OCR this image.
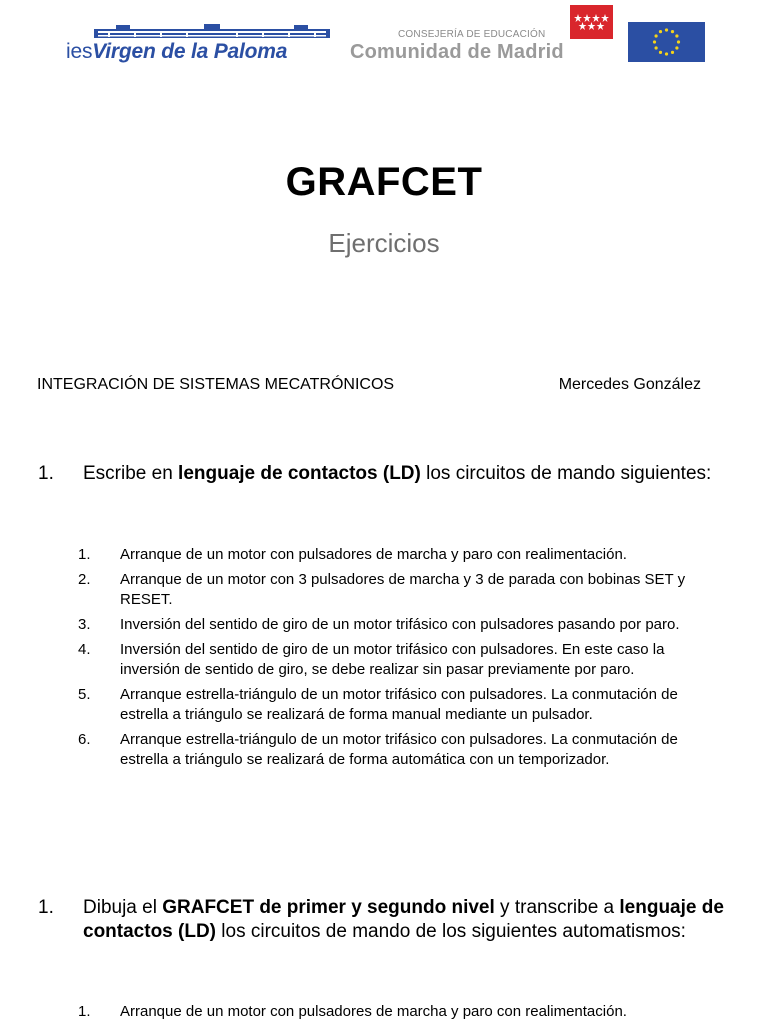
iesVirgen de la Paloma
CONSEJERÍA DE EDUCACIÓN
Comunidad de Madrid
GRAFCET
Ejercicios
INTEGRACIÓN DE SISTEMAS MECATRÓNICOS	Mercedes González
1. Escribe en lenguaje de contactos (LD) los circuitos de mando siguientes:
1. Arranque de un motor con pulsadores de marcha y paro con realimentación.
2. Arranque de un motor con 3 pulsadores de marcha y 3 de parada con bobinas SET y RESET.
3. Inversión del sentido de giro de un motor trifásico con pulsadores pasando por paro.
4. Inversión del sentido de giro de un motor trifásico con pulsadores. En este caso la inversión de sentido de giro, se debe realizar sin pasar previamente por paro.
5. Arranque estrella-triángulo de un motor trifásico con pulsadores. La conmutación de estrella a triángulo se realizará de forma manual mediante un pulsador.
6. Arranque estrella-triángulo de un motor trifásico con pulsadores. La conmutación de estrella a triángulo se realizará de forma automática con un temporizador.
1. Dibuja el GRAFCET de primer y segundo nivel y transcribe a lenguaje de contactos (LD) los circuitos de mando de los siguientes automatismos:
1. Arranque de un motor con pulsadores de marcha y paro con realimentación.
